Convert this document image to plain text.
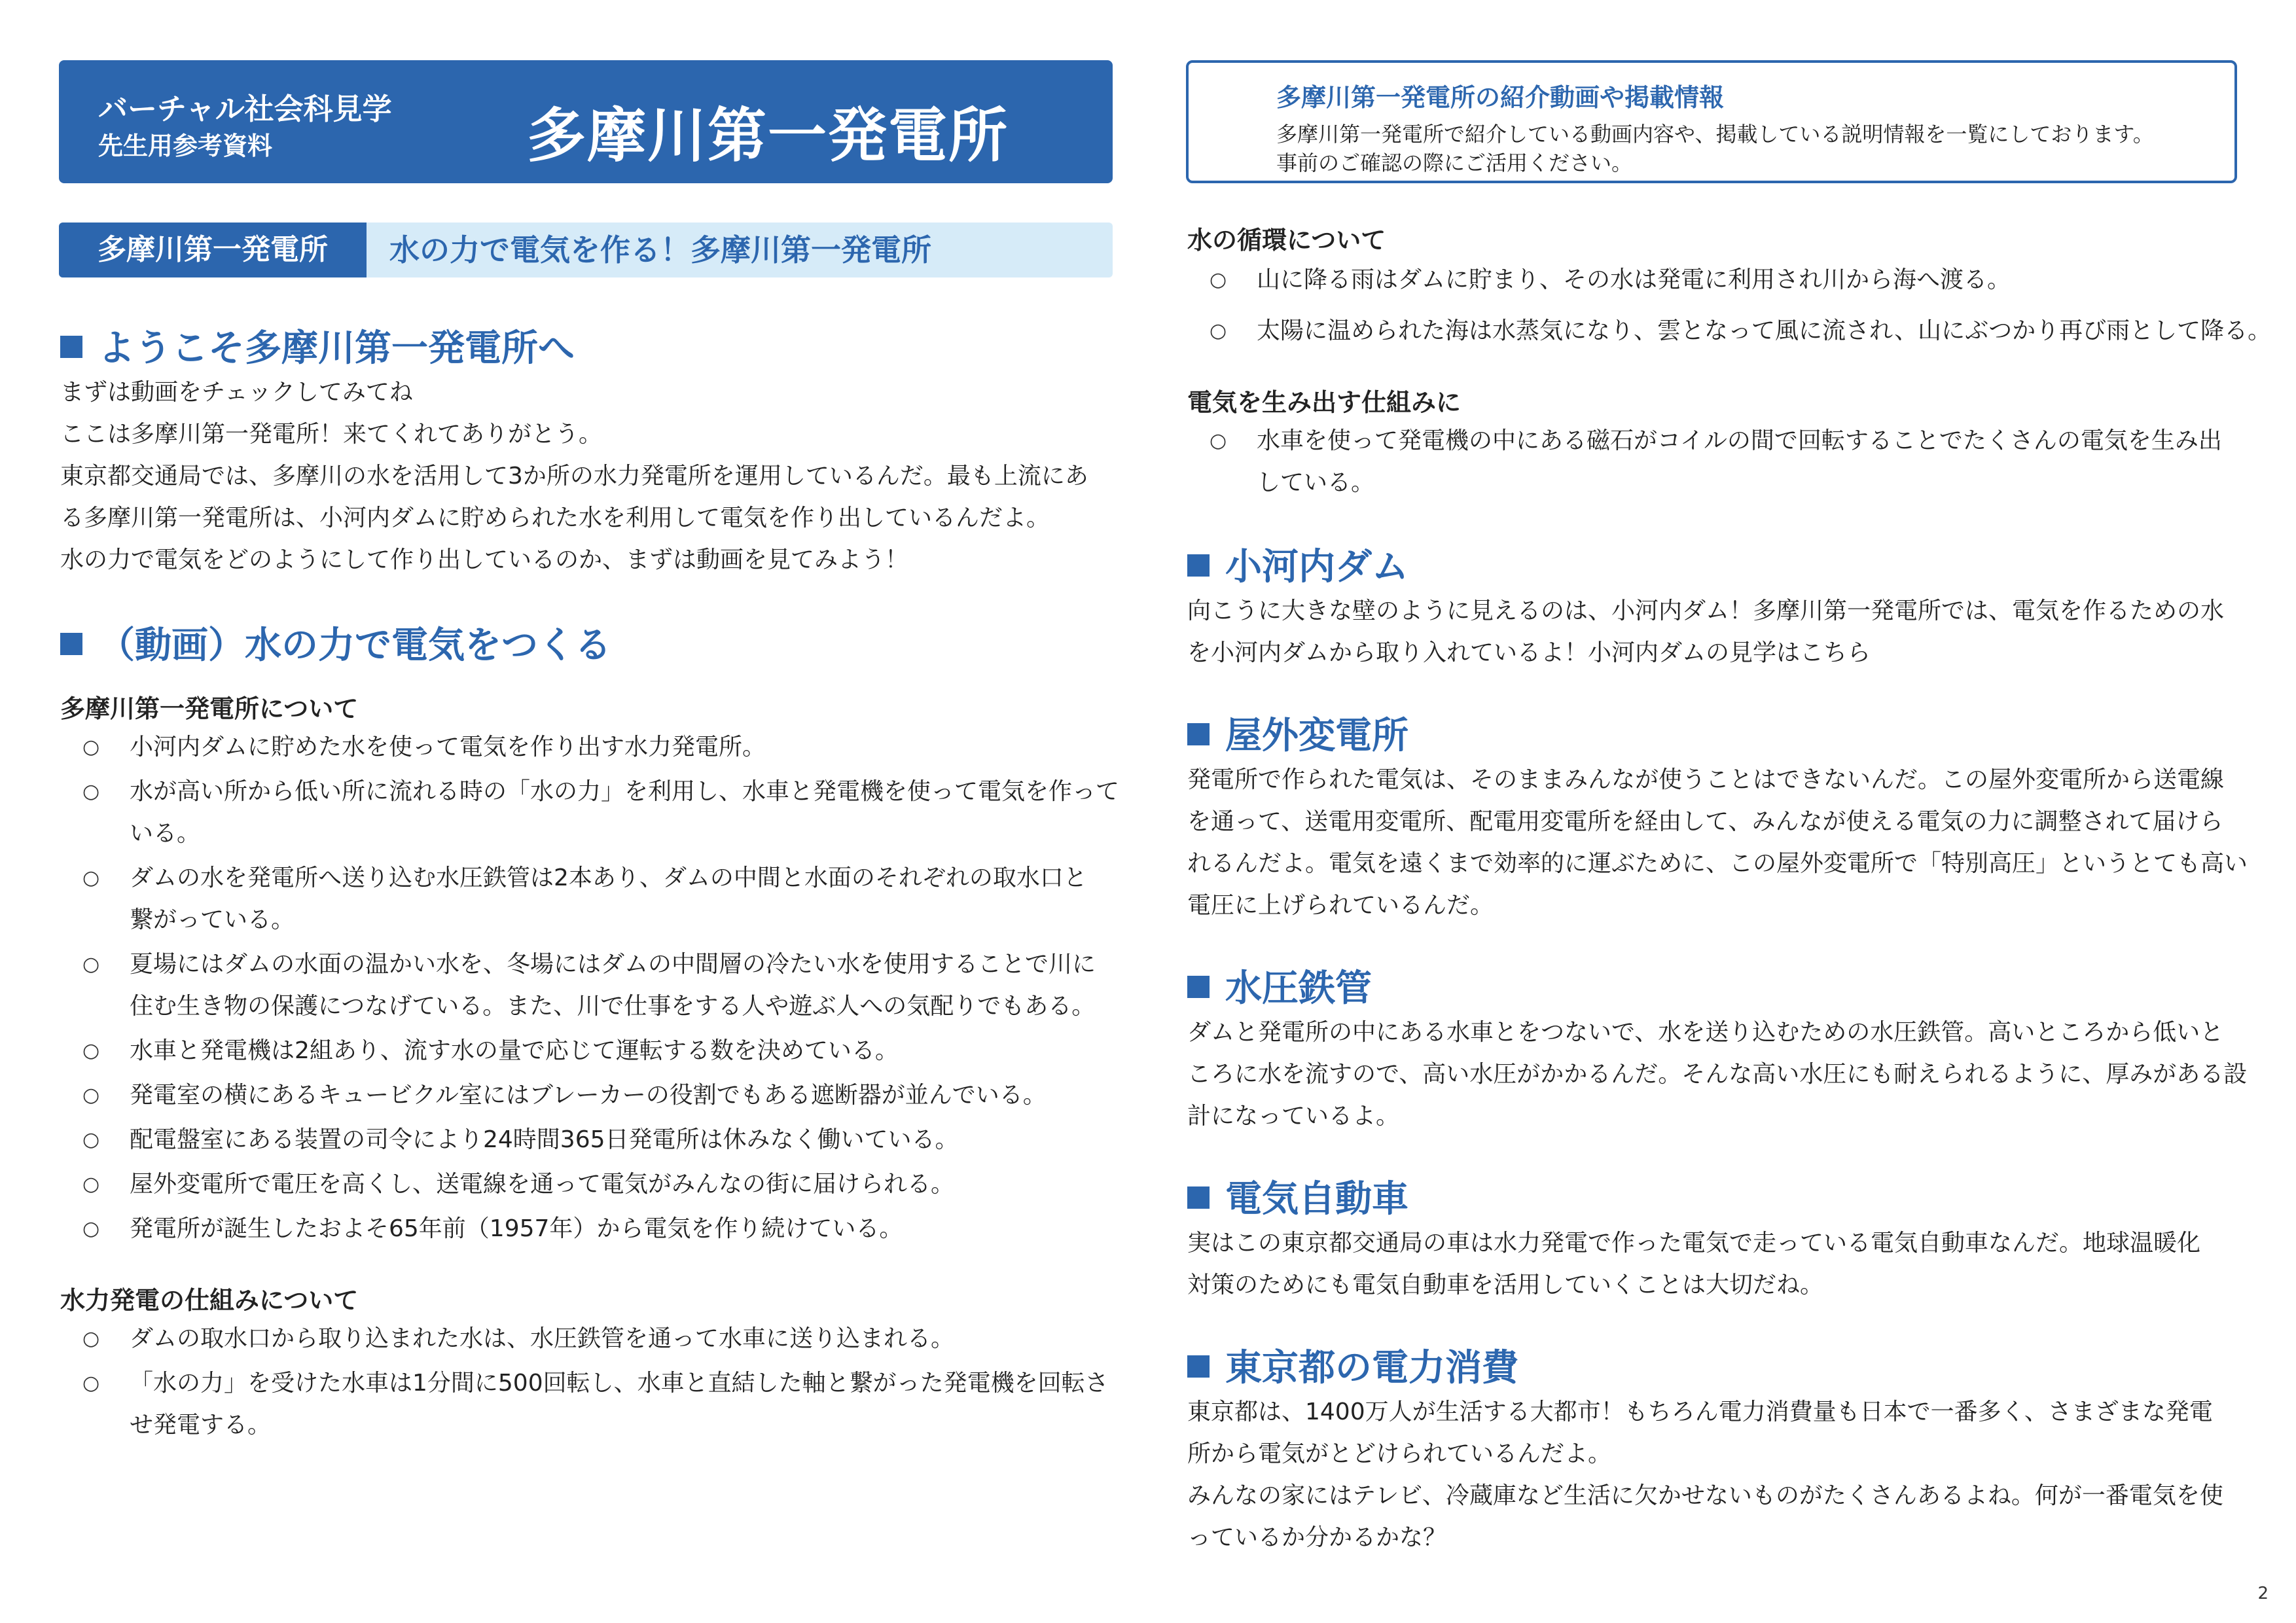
バーチャル社会科見学
先生用参考資料	多摩川第一発電所
多摩川第一発電所	水の力で電気を作る！多摩川第一発電所
ようこそ多摩川第一発電所へ
まずは動画をチェックしてみてね
ここは多摩川第一発電所！来てくれてありがとう。
東京都交通局では、多摩川の水を活用して3か所の水力発電所を運用しているんだ。最も上流にあ
る多摩川第一発電所は、小河内ダムに貯められた水を利用して電気を作り出しているんだよ。
水の力で電気をどのようにして作り出しているのか、まずは動画を見てみよう！
（動画）水の力で電気をつくる
多摩川第一発電所について
○ 小河内ダムに貯めた水を使って電気を作り出す水力発電所。
○ 水が高い所から低い所に流れる時の「水の力」を利用し、水車と発電機を使って電気を作って
いる。
○ ダムの水を発電所へ送り込む水圧鉄管は2本あり、ダムの中間と水面のそれぞれの取水口と
繋がっている。
○ 夏場にはダムの水面の温かい水を、冬場にはダムの中間層の冷たい水を使用することで川に
住む生き物の保護につなげている。また、川で仕事をする人や遊ぶ人への気配りでもある。
○ 水車と発電機は2組あり、流す水の量で応じて運転する数を決めている。
○ 発電室の横にあるキュービクル室にはブレーカーの役割でもある遮断器が並んでいる。
○ 配電盤室にある装置の司令により24時間365日発電所は休みなく働いている。
○ 屋外変電所で電圧を高くし、送電線を通って電気がみんなの街に届けられる。
○ 発電所が誕生したおよそ65年前（1957年）から電気を作り続けている。
水力発電の仕組みについて
○ ダムの取水口から取り込まれた水は、水圧鉄管を通って水車に送り込まれる。
○ 「水の力」を受けた水車は1分間に500回転し、水車と直結した軸と繋がった発電機を回転さ
せ発電する。
多摩川第一発電所の紹介動画や掲載情報
多摩川第一発電所で紹介している動画内容や、掲載している説明情報を一覧にしております。
事前のご確認の際にご活用ください。
水の循環について
○ 山に降る雨はダムに貯まり、その水は発電に利用され川から海へ渡る。
○ 太陽に温められた海は水蒸気になり、雲となって風に流され、山にぶつかり再び雨として降る。
電気を生み出す仕組みに
○ 水車を使って発電機の中にある磁石がコイルの間で回転することでたくさんの電気を生み出
している。
小河内ダム
向こうに大きな壁のように見えるのは、小河内ダム！多摩川第一発電所では、電気を作るための水
を小河内ダムから取り入れているよ！小河内ダムの見学はこちら
屋外変電所
発電所で作られた電気は、そのままみんなが使うことはできないんだ。この屋外変電所から送電線
を通って、送電用変電所、配電用変電所を経由して、みんなが使える電気の力に調整されて届けら
れるんだよ。電気を遠くまで効率的に運ぶために、この屋外変電所で「特別高圧」というとても高い
電圧に上げられているんだ。
水圧鉄管
ダムと発電所の中にある水車とをつないで、水を送り込むための水圧鉄管。高いところから低いと
ころに水を流すので、高い水圧がかかるんだ。そんな高い水圧にも耐えられるように、厚みがある設
計になっているよ。
電気自動車
実はこの東京都交通局の車は水力発電で作った電気で走っている電気自動車なんだ。地球温暖化
対策のためにも電気自動車を活用していくことは大切だね。
東京都の電力消費
東京都は、1400万人が生活する大都市！もちろん電力消費量も日本で一番多く、さまざまな発電
所から電気がとどけられているんだよ。
みんなの家にはテレビ、冷蔵庫など生活に欠かせないものがたくさんあるよね。何が一番電気を使
っているか分かるかな？
2
